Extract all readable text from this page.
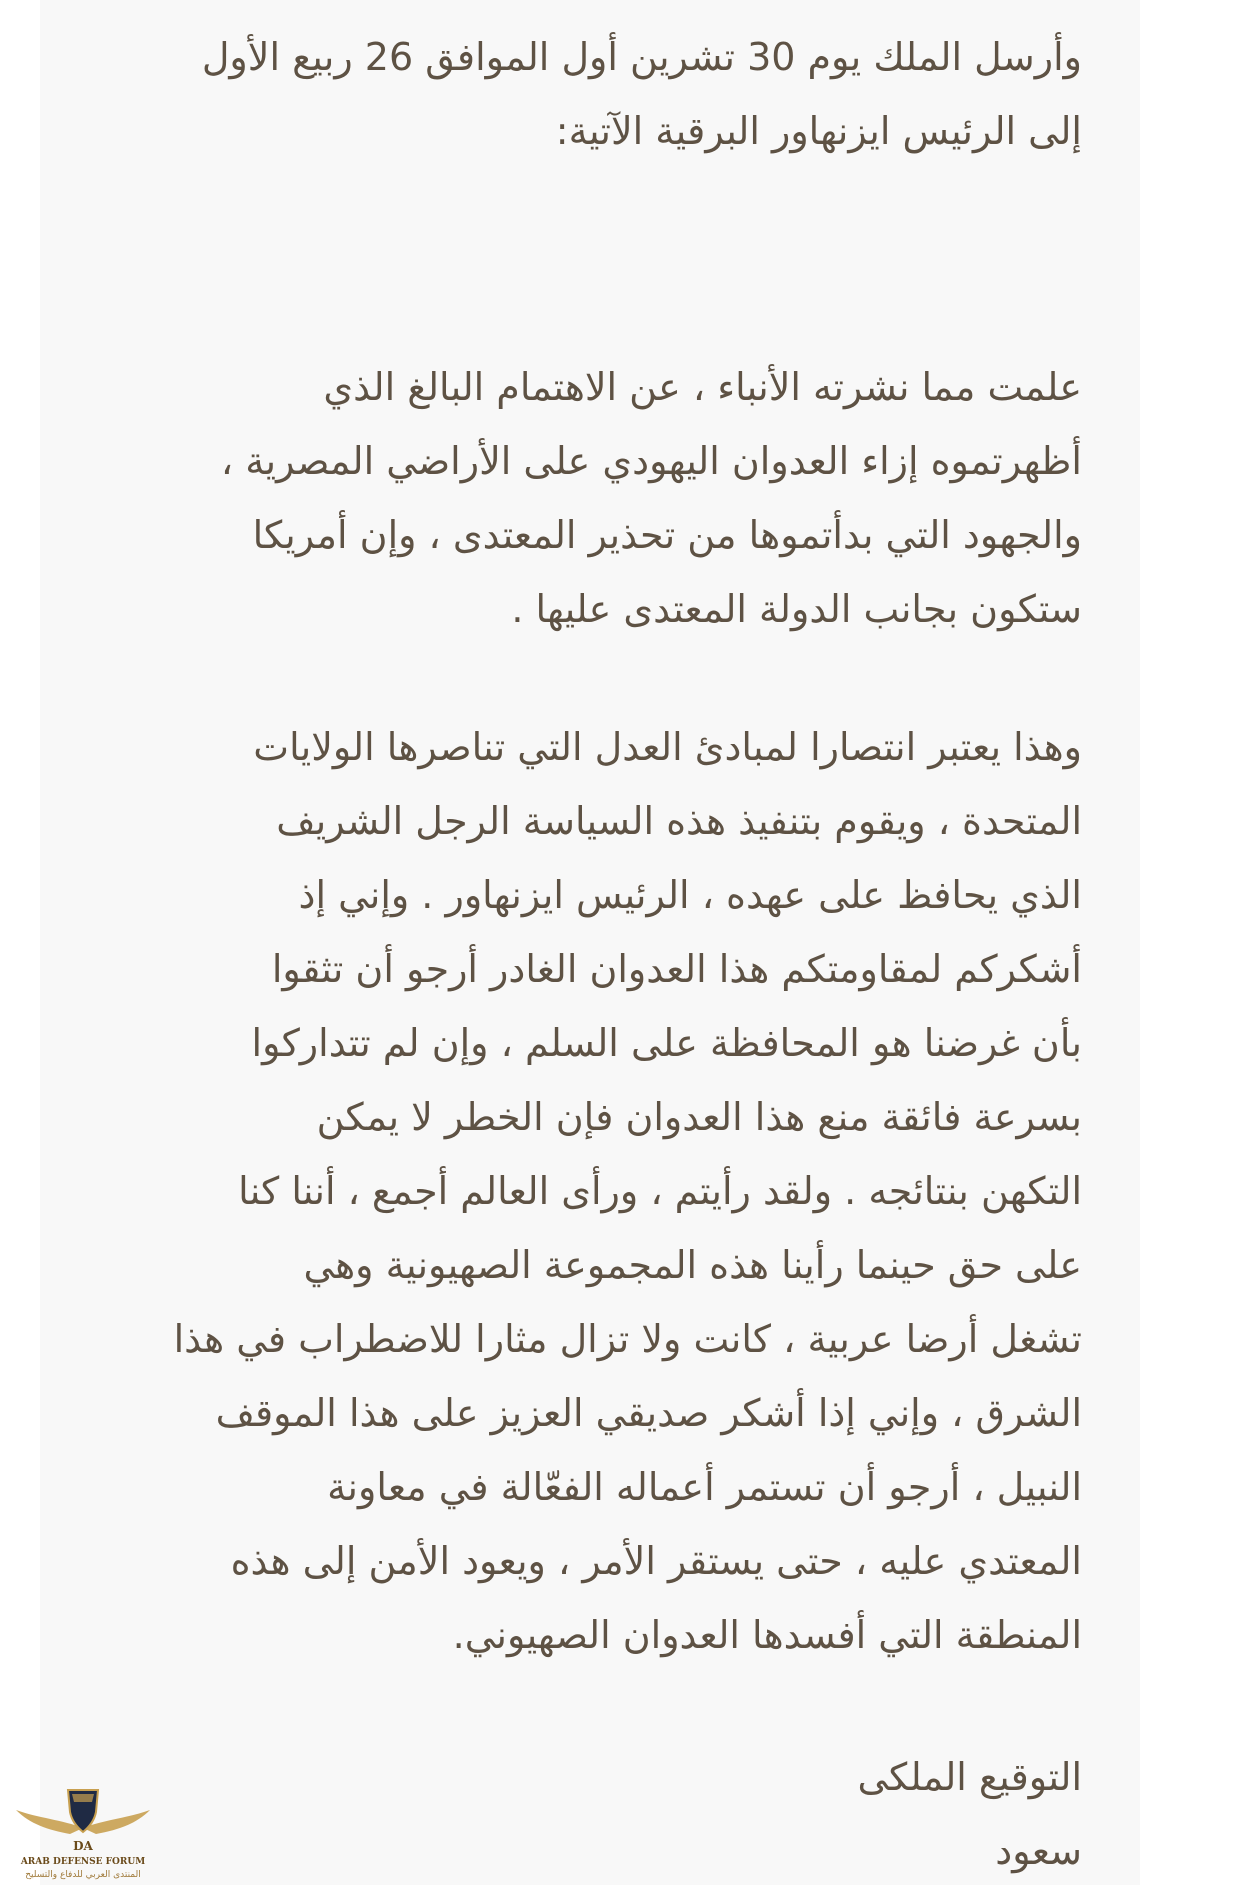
وأرسل الملك يوم 30 تشرين أول الموافق 26 ربيع الأول

إلى الرئيس ايزنهاور البرقية الآتية:

علمت مما نشرته الأنباء ، عن الاهتمام البالغ الذي

أظهرتموه إزاء العدوان اليهودي على الأراضي المصرية ،

والجهود التي بدأتموها من تحذير المعتدى ، وإن أمريكا

ستكون بجانب الدولة المعتدى عليها .

وهذا يعتبر انتصارا لمبادئ العدل التي تناصرها الولايات

المتحدة ، ويقوم بتنفيذ هذه السياسة الرجل الشريف

الذي يحافظ على عهده ، الرئيس ايزنهاور . وإني إذ

أشكركم لمقاومتكم هذا العدوان الغادر أرجو أن تثقوا

بأن غرضنا هو المحافظة على السلم ، وإن لم تتداركوا

بسرعة فائقة منع هذا العدوان فإن الخطر لا يمكن

التكهن بنتائجه . ولقد رأيتم ، ورأى العالم أجمع ، أننا كنا

على حق حينما رأينا هذه المجموعة الصهيونية وهي

تشغل أرضا عربية ، كانت ولا تزال مثارا للاضطراب في هذا

الشرق ، وإني إذا أشكر صديقي العزيز على هذا الموقف

النبيل ، أرجو أن تستمر أعماله الفعّالة في معاونة

المعتدي عليه ، حتى يستقر الأمر ، ويعود الأمن إلى هذه

المنطقة التي أفسدها العدوان الصهيوني.

التوقيع الملكى

سعود

DA
ARAB DEFENSE FORUM
المنتدى العربي للدفاع والتسليح
